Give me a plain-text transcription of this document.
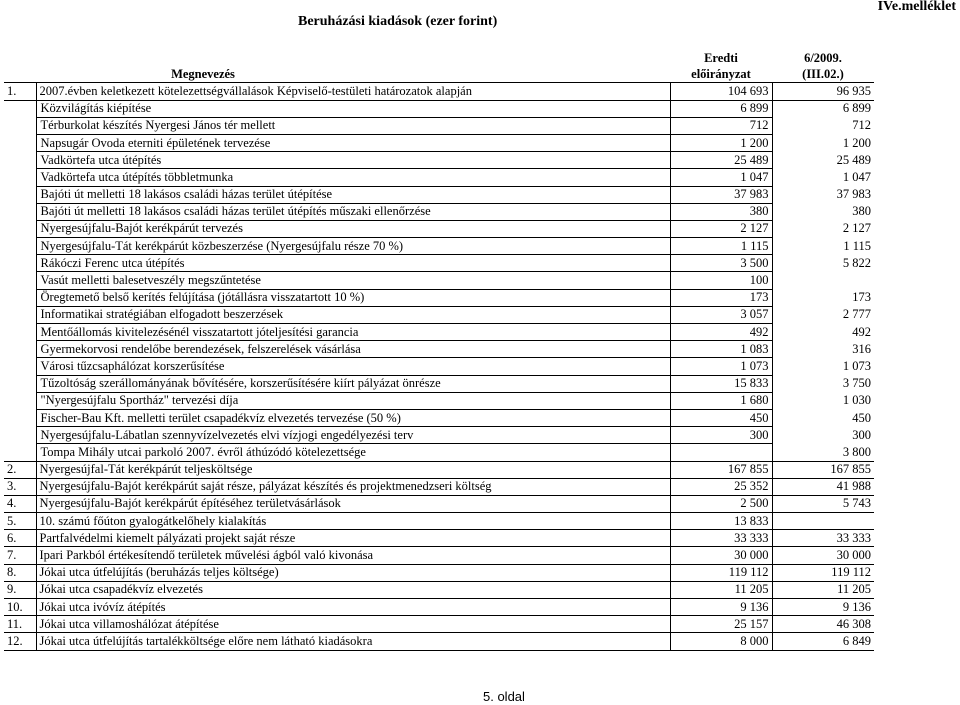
Beruházási kiadások (ezer forint)
IVe.melléklet
		Eredti	6/2009.
	Megnevezés	előirányzat	(III.02.)
1.	2007.évben keletkezett kötelezettségvállalások Képviselő-testületi határozatok alapján	104 693	96 935
	Közvilágítás kiépítése	6 899	6 899
	Térburkolat készítés Nyergesi János tér mellett	712	712
	Napsugár Ovoda eterniti épületének tervezése	1 200	1 200
	Vadkörtefa utca útépítés	25 489	25 489
	Vadkörtefa utca útépítés többletmunka	1 047	1 047
	Bajóti út melletti 18 lakásos családi házas terület útépítése	37 983	37 983
	Bajóti út melletti 18 lakásos családi házas terület útépítés műszaki ellenőrzése	380	380
	Nyergesújfalu-Bajót kerékpárút tervezés	2 127	2 127
	Nyergesújfalu-Tát kerékpárút közbeszerzése (Nyergesújfalu része 70 %)	1 115	1 115
	Rákóczi Ferenc utca útépítés	3 500	5 822
	Vasút melletti balesetveszély megszűntetése	100	
	Öregtemető belső kerítés felújítása (jótállásra visszatartott 10 %)	173	173
	Informatikai stratégiában elfogadott beszerzések	3 057	2 777
	Mentőállomás kivitelezésénél visszatartott jóteljesítési garancia	492	492
	Gyermekorvosi rendelőbe berendezések, felszerelések vásárlása	1 083	316
	Városi tűzcsaphálózat korszerűsítése	1 073	1 073
	Tűzoltóság szerállományának bővítésére, korszerűsítésére kiírt pályázat önrésze	15 833	3 750
	"Nyergesújfalu Sportház" tervezési díja	1 680	1 030
	Fischer-Bau Kft. melletti terület csapadékvíz elvezetés tervezése (50 %)	450	450
	Nyergesújfalu-Lábatlan szennyvízelvezetés elvi vízjogi engedélyezési terv	300	300
	Tompa Mihály utcai parkoló 2007. évről áthúzódó kötelezettsége		3 800
2.	Nyergesújfal-Tát kerékpárút teljesköltsége	167 855	167 855
3.	Nyergesújfalu-Bajót kerékpárút saját része, pályázat készítés és projektmenedzseri költség	25 352	41 988
4.	Nyergesújfalu-Bajót kerékpárút építéséhez területvásárlások	2 500	5 743
5.	10. számú főúton gyalogátkelőhely kialakítás	13 833	
6.	Partfalvédelmi kiemelt pályázati projekt saját része	33 333	33 333
7.	Ipari Parkból értékesítendő területek művelési ágból való kivonása	30 000	30 000
8.	Jókai utca útfelújítás (beruházás teljes költsége)	119 112	119 112
9.	Jókai utca csapadékvíz elvezetés	11 205	11 205
10.	Jókai utca ivóvíz átépítés	9 136	9 136
11.	Jókai utca villamoshálózat átépítése	25 157	46 308
12.	Jókai utca útfelújítás tartalékköltsége előre nem látható kiadásokra	8 000	6 849
5. oldal
